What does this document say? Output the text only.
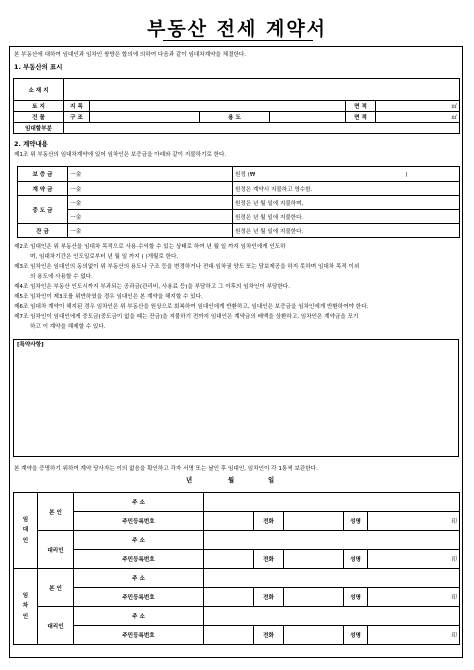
부동산 전세 계약서
본 부동산에 대하여 임대인과 임차인 쌍방은 합의에 의하여 다음과 같이 임대차계약을 체결한다.
1. 부동산의 표시
소 재 지						
토 지	지 목				면 적	㎡
건 물	구 조		용 도		면 적	㎡
임대할부분						
2. 계약내용
제1조 위 부동산의 임대차계약에 있어 임차인은 보증금을 아래와 같이 지불하기로 한다.
보 증 금	一金	원정 (₩ )
계 약 금	一金	원정은 계약시 지불하고 영수함.
중 도 금	一金	원정은 년 월 일에 지불하며,
	一金	원정은 년 월 일에 지불한다.
잔 금	一金	원정은 년 월 일에 지불한다.
제2조 임대인은 위 부동산을 임대차 목적으로 사용·수익할 수 있는 상태로 하여 년 월 일 까지 임차인에게 인도하
며, 임대차기간은 인도일로부터 년 월 일 까지 ( )개월로 한다.
제3조 임차인은 임대인의 동의없이 위 부동산의 용도나 구조 등을 변경하거나 전대·임차권 양도 또는 담보제공을 하지 못하며 임대차 목적 이외
의 용도에 사용할 수 없다.
제4조 임차인은 부동산 인도시까지 부과되는 공과금(관리비, 사용료 등)을 부담하고 그 이후의 임차인이 부담한다.
제5조 임차인이 제3조를 위반하였을 경우 임대인은 본 계약을 해지할 수 있다.
제6조 임대차 계약이 해지된 경우 임차인은 위 부동산을 원상으로 회복하여 임대인에게 반환하고, 임대인은 보증금을 임차인에게 반환하여야 한다.
제7조 임차인이 임대인에게 중도금(중도금이 없을 때는 잔금)을 지불하기 전까지 임대인은 계약금의 배액을 상환하고, 임차인은 계약금을 포기
하고 이 계약을 해제할 수 있다.
[특약사항]
본 계약을 증명하기 위하여 계약 당사자는 이의 없음을 확인하고 각자 서명 또는 날인 후 임대인, 임차인이 각 1통씩 보관한다.
년	월	일
임대인	본 인	주 소					
		주민등록번호		전화		성명	印
	대리인	주 소					
		주민등록번호		전화		성명	印

임차인	본 인	주 소					
		주민등록번호		전화		성명	印
	대리인	주 소					
		주민등록번호		전화		성명	印
